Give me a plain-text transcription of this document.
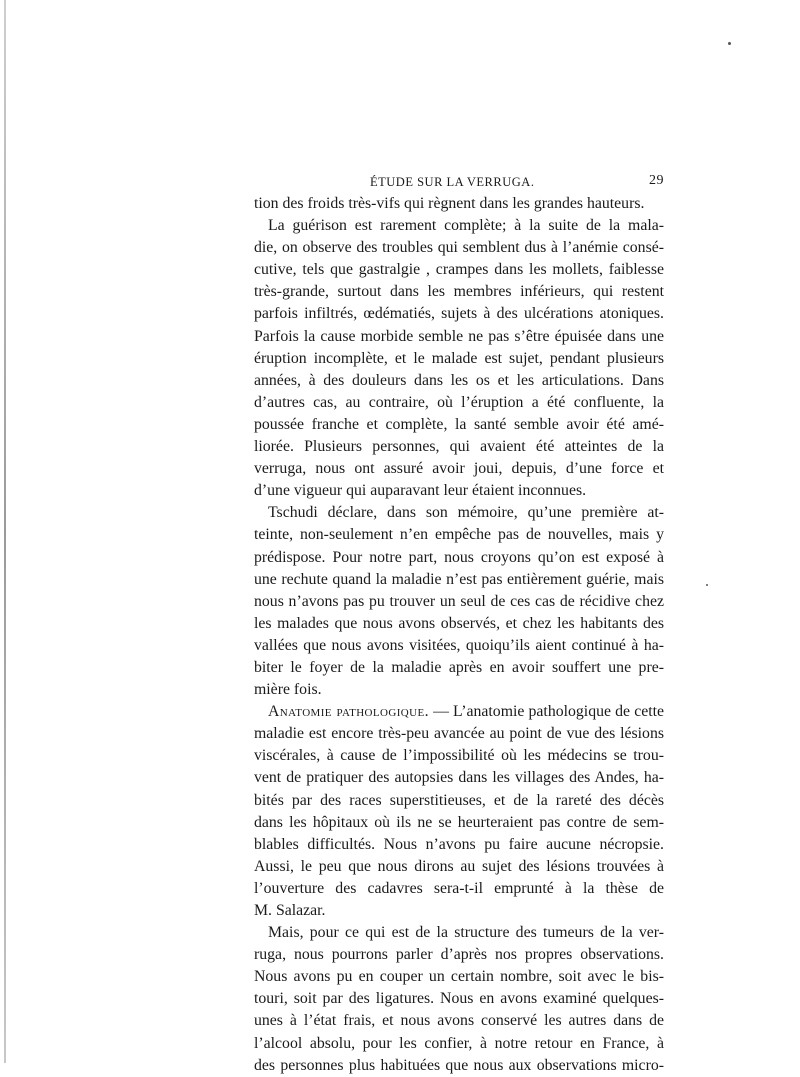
ÉTUDE SUR LA VERRUGA.	29
tion des froids très-vifs qui règnent dans les grandes hauteurs.
La guérison est rarement complète; à la suite de la mala-
die, on observe des troubles qui semblent dus à l’anémie consé-
cutive, tels que gastralgie , crampes dans les mollets, faiblesse
très-grande, surtout dans les membres inférieurs, qui restent
parfois infiltrés, œdématiés, sujets à des ulcérations atoniques.
Parfois la cause morbide semble ne pas s’être épuisée dans une
éruption incomplète, et le malade est sujet, pendant plusieurs
années, à des douleurs dans les os et les articulations. Dans
d’autres cas, au contraire, où l’éruption a été confluente, la
poussée franche et complète, la santé semble avoir été amé-
liorée. Plusieurs personnes, qui avaient été atteintes de la
verruga, nous ont assuré avoir joui, depuis, d’une force et
d’une vigueur qui auparavant leur étaient inconnues.
Tschudi déclare, dans son mémoire, qu’une première at-
teinte, non-seulement n’en empêche pas de nouvelles, mais y
prédispose. Pour notre part, nous croyons qu’on est exposé à
une rechute quand la maladie n’est pas entièrement guérie, mais
nous n’avons pas pu trouver un seul de ces cas de récidive chez
les malades que nous avons observés, et chez les habitants des
vallées que nous avons visitées, quoiqu’ils aient continué à ha-
biter le foyer de la maladie après en avoir souffert une pre-
mière fois.
Anatomie pathologique. — L’anatomie pathologique de cette
maladie est encore très-peu avancée au point de vue des lésions
viscérales, à cause de l’impossibilité où les médecins se trou-
vent de pratiquer des autopsies dans les villages des Andes, ha-
bités par des races superstitieuses, et de la rareté des décès
dans les hôpitaux où ils ne se heurteraient pas contre de sem-
blables difficultés. Nous n’avons pu faire aucune nécropsie.
Aussi, le peu que nous dirons au sujet des lésions trouvées à
l’ouverture des cadavres sera-t-il emprunté à la thèse de
M. Salazar.
Mais, pour ce qui est de la structure des tumeurs de la ver-
ruga, nous pourrons parler d’après nos propres observations.
Nous avons pu en couper un certain nombre, soit avec le bis-
touri, soit par des ligatures. Nous en avons examiné quelques-
unes à l’état frais, et nous avons conservé les autres dans de
l’alcool absolu, pour les confier, à notre retour en France, à
des personnes plus habituées que nous aux observations micro-
